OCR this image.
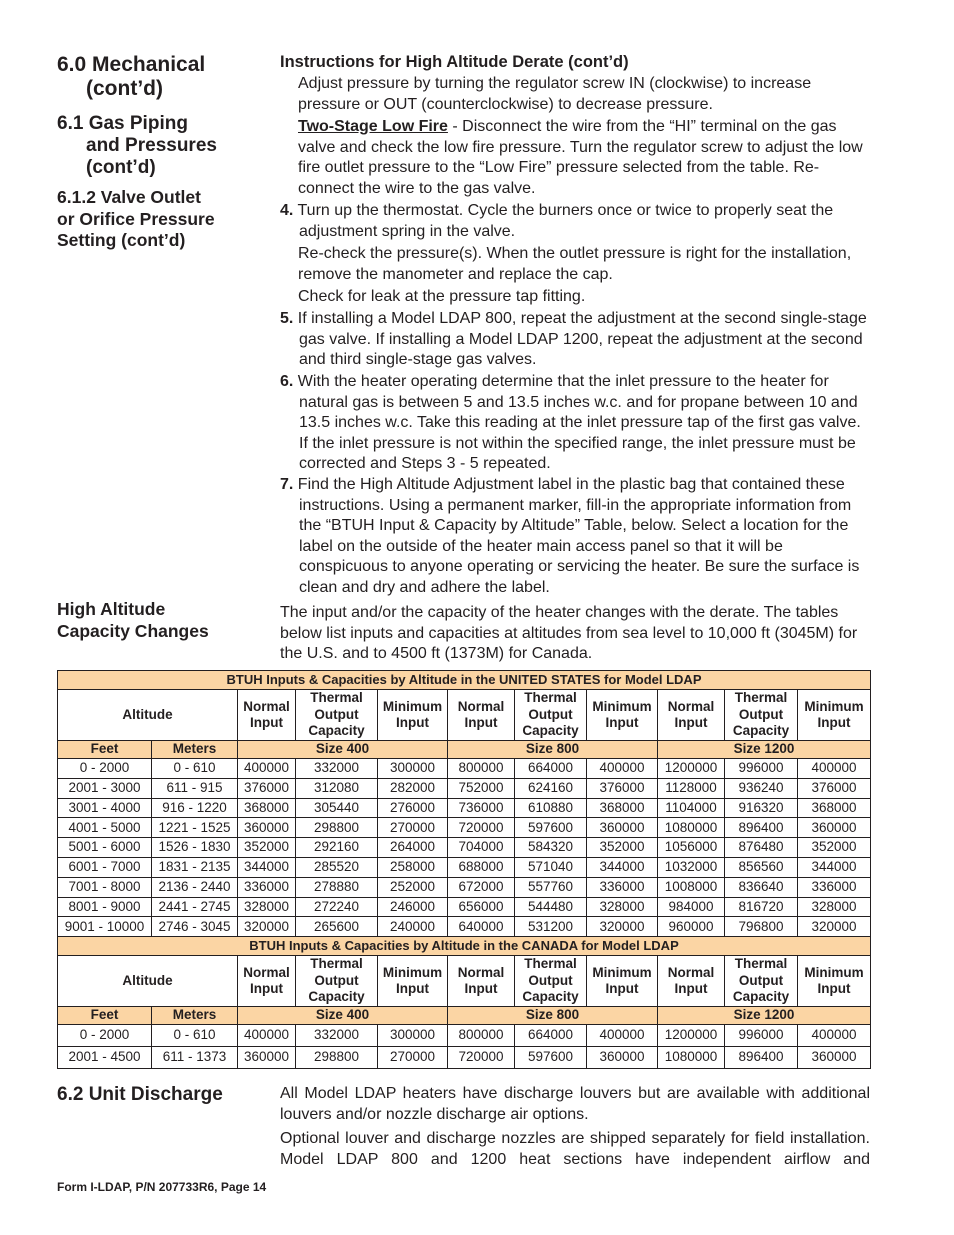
6.0 Mechanical
(cont’d)
6.1 Gas Piping
and Pressures
(cont’d)
6.1.2 Valve Outlet
or Orifice Pressure
Setting (cont’d)
High Altitude
Capacity Changes
6.2 Unit Discharge
Instructions for High Altitude Derate (cont’d)
Adjust pressure by turning the regulator screw IN (clockwise) to increase pressure or OUT (counterclockwise) to decrease pressure.
Two-Stage Low Fire - Disconnect the wire from the “HI” terminal on the gas valve and check the low fire pressure. Turn the regulator screw to adjust the low fire outlet pressure to the “Low Fire” pressure selected from the table. Re-connect the wire to the gas valve.
4. Turn up the thermostat. Cycle the burners once or twice to properly seat the adjustment spring in the valve.
Re-check the pressure(s). When the outlet pressure is right for the installation, remove the manometer and replace the cap.
Check for leak at the pressure tap fitting.
5. If installing a Model LDAP 800, repeat the adjustment at the second single-stage gas valve. If installing a Model LDAP 1200, repeat the adjustment at the second and third single-stage gas valves.
6. With the heater operating determine that the inlet pressure to the heater for natural gas is between 5 and 13.5 inches w.c. and for propane between 10 and 13.5 inches w.c. Take this reading at the inlet pressure tap of the first gas valve. If the inlet pressure is not within the specified range, the inlet pressure must be corrected and Steps 3 - 5 repeated.
7. Find the High Altitude Adjustment label in the plastic bag that contained these instructions. Using a permanent marker, fill-in the appropriate information from the “BTUH Input & Capacity by Altitude” Table, below. Select a location for the label on the outside of the heater main access panel so that it will be conspicuous to anyone operating or servicing the heater. Be sure the surface is clean and dry and adhere the label.
The input and/or the capacity of the heater changes with the derate. The tables below list inputs and capacities at altitudes from sea level to 10,000 ft (3045M) for the U.S. and to 4500 ft (1373M) for Canada.
BTUH Inputs & Capacities by Altitude in the UNITED STATES for Model LDAP										
Altitude		Normal Input	Thermal Output Capacity	Minimum Input	Normal Input	Thermal Output Capacity	Minimum Input	Normal Input	Thermal Output Capacity	Minimum Input
Feet	Meters	Size 400			Size 800			Size 1200		
0 - 2000	0 - 610	400000	332000	300000	800000	664000	400000	1200000	996000	400000
2001 - 3000	611 - 915	376000	312080	282000	752000	624160	376000	1128000	936240	376000
3001 - 4000	916 - 1220	368000	305440	276000	736000	610880	368000	1104000	916320	368000
4001 - 5000	1221 - 1525	360000	298800	270000	720000	597600	360000	1080000	896400	360000
5001 - 6000	1526 - 1830	352000	292160	264000	704000	584320	352000	1056000	876480	352000
6001 - 7000	1831 - 2135	344000	285520	258000	688000	571040	344000	1032000	856560	344000
7001 - 8000	2136 - 2440	336000	278880	252000	672000	557760	336000	1008000	836640	336000
8001 - 9000	2441 - 2745	328000	272240	246000	656000	544480	328000	984000	816720	328000
9001 - 10000	2746 - 3045	320000	265600	240000	640000	531200	320000	960000	796800	320000
BTUH Inputs & Capacities by Altitude in the CANADA for Model LDAP										
Altitude		Normal Input	Thermal Output Capacity	Minimum Input	Normal Input	Thermal Output Capacity	Minimum Input	Normal Input	Thermal Output Capacity	Minimum Input
Feet	Meters	Size 400			Size 800			Size 1200		
0 - 2000	0 - 610	400000	332000	300000	800000	664000	400000	1200000	996000	400000
2001 - 4500	611 - 1373	360000	298800	270000	720000	597600	360000	1080000	896400	360000
All Model LDAP heaters have discharge louvers but are available with additional louvers and/or nozzle discharge air options.
Optional louver and discharge nozzles are shipped separately for field installation. Model LDAP 800 and 1200 heat sections have independent airflow and
Form I-LDAP, P/N 207733R6, Page 14
